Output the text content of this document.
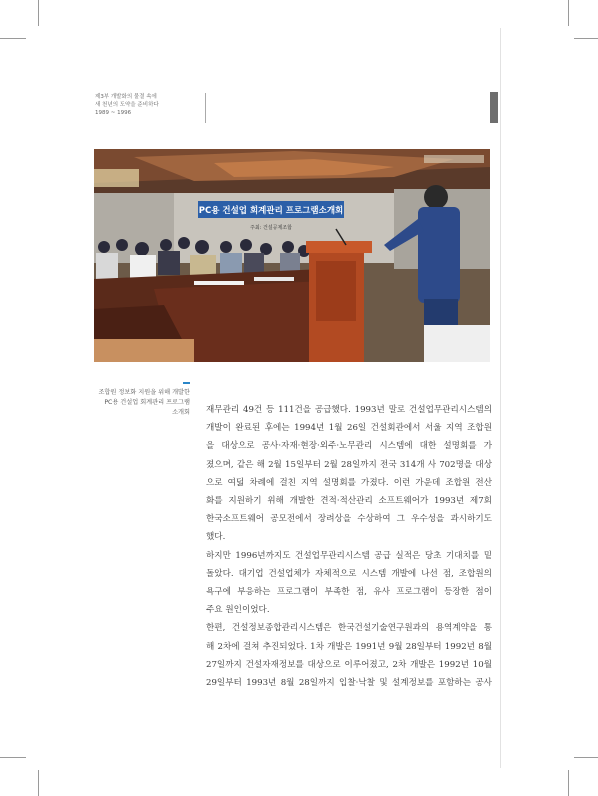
제3부 개발화의 물결 속에
새 천년의 도약을 준비하다
1989 ~ 1996
PC용 건설업 회계관리 프로그램소개회
주최: 건설공제조합
조합원 정보화 지원을 위해 개발한
PC용 건설업 회계관리 프로그램
소개회 재무관리 49건 등 111건을 공급했다. 1993년 말로 건설업무관리시스템의
개발이 완료된 후에는 1994년 1월 26일 건설회관에서 서울 지역 조합원
을 대상으로 공사·자재·현장·외주·노무관리 시스템에 대한 설명회를 가
졌으며, 같은 해 2월 15일부터 2월 28일까지 전국 314개 사 702명을 대상
으로 여덟 차례에 걸친 지역 설명회를 가졌다. 이런 가운데 조합원 전산
화를 지원하기 위해 개발한 견적·적산관리 소프트웨어가 1993년 제7회
한국소프트웨어 공모전에서 장려상을 수상하여 그 우수성을 과시하기도
했다.
하지만 1996년까지도 건설업무관리시스템 공급 실적은 당초 기대치를 밑
돌았다. 대기업 건설업체가 자체적으로 시스템 개발에 나선 점, 조합원의
욕구에 부응하는 프로그램이 부족한 점, 유사 프로그램이 등장한 점이
주요 원인이었다.
한편, 건설정보종합관리시스템은 한국건설기술연구원과의 용역계약을 통
해 2차에 걸쳐 추진되었다. 1차 개발은 1991년 9월 28일부터 1992년 8월
27일까지 건설자재정보를 대상으로 이루어졌고, 2차 개발은 1992년 10월
29일부터 1993년 8월 28일까지 입찰·낙찰 및 설계정보를 포함하는 공사
